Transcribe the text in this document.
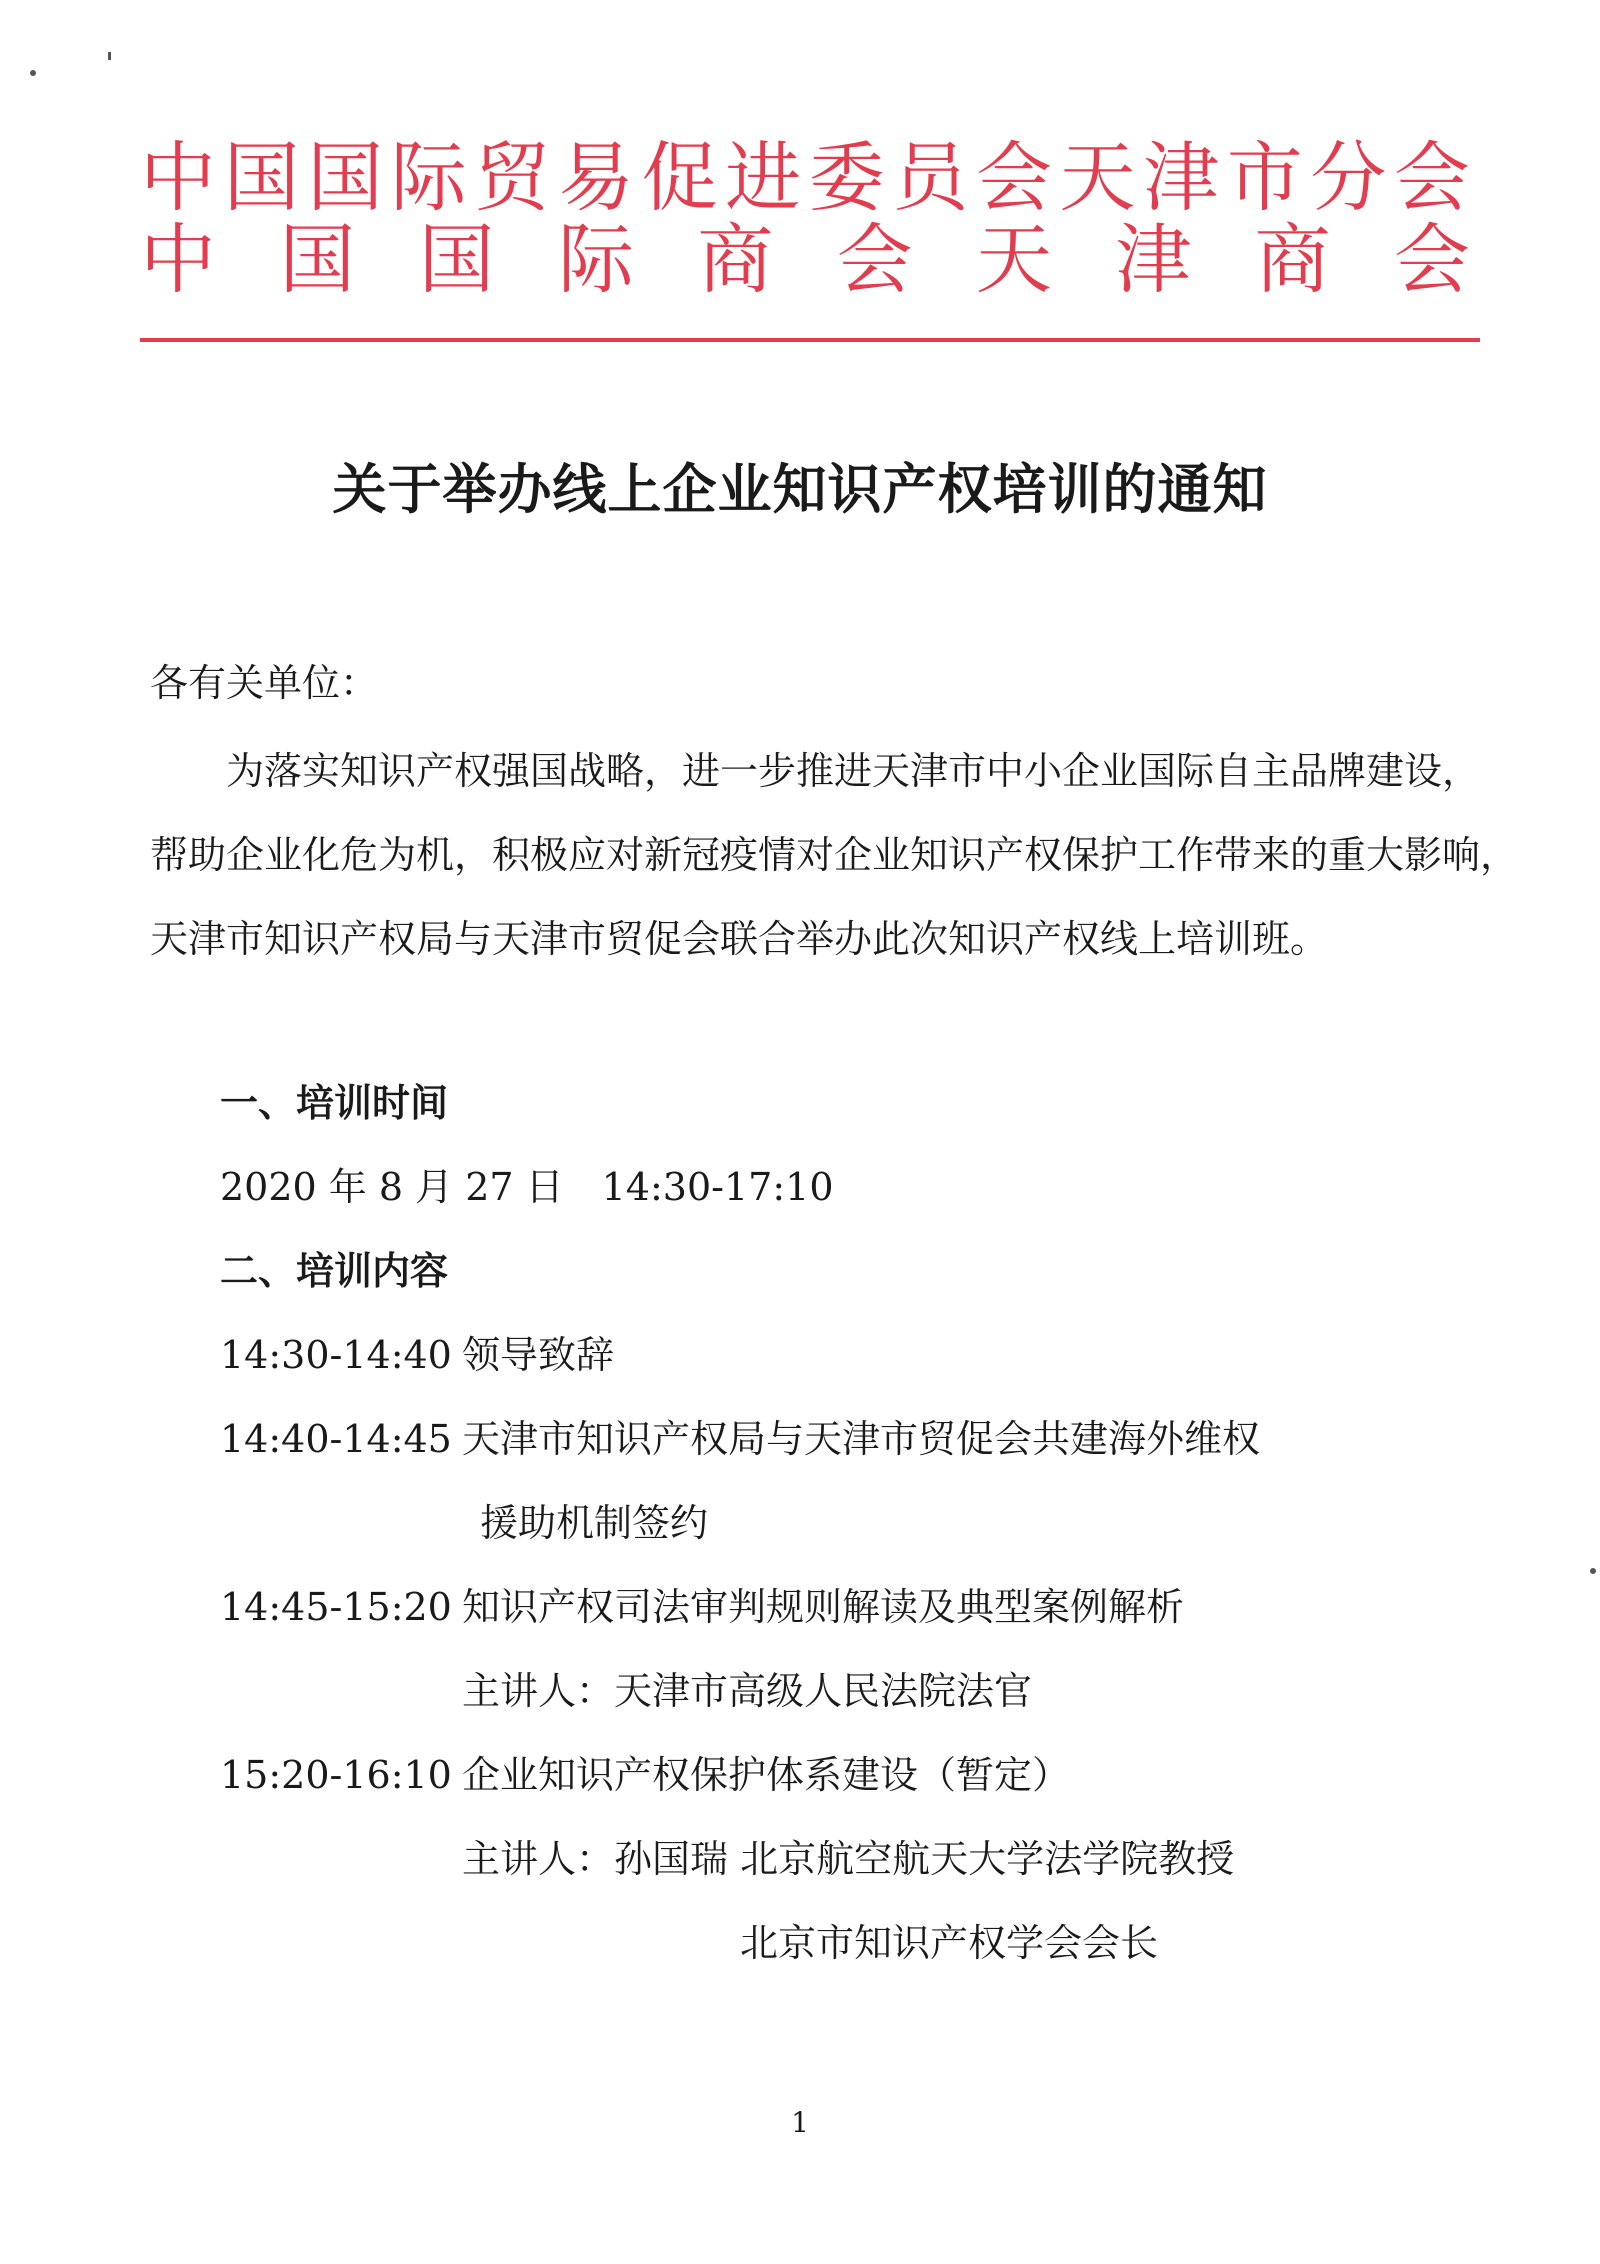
中 国 国 际 贸 易 促 进 委 员 会 天 津 市 分 会
中 国 国 际 商 会 天 津 商 会
关于举办线上企业知识产权培训的通知
各有关单位：
为落实知识产权强国战略，进一步推进天津市中小企业国际自主品牌建设，
帮助企业化危为机，积极应对新冠疫情对企业知识产权保护工作带来的重大影响，
天津市知识产权局与天津市贸促会联合举办此次知识产权线上培训班。
一、培训时间
2020 年 8 月 27 日　14:30-17:10
二、培训内容
14:30-14:40 领导致辞
14:40-14:45 天津市知识产权局与天津市贸促会共建海外维权
援助机制签约
14:45-15:20 知识产权司法审判规则解读及典型案例解析
主讲人：天津市高级人民法院法官
15:20-16:10 企业知识产权保护体系建设（暂定）
主讲人：孙国瑞 北京航空航天大学法学院教授
北京市知识产权学会会长
1
